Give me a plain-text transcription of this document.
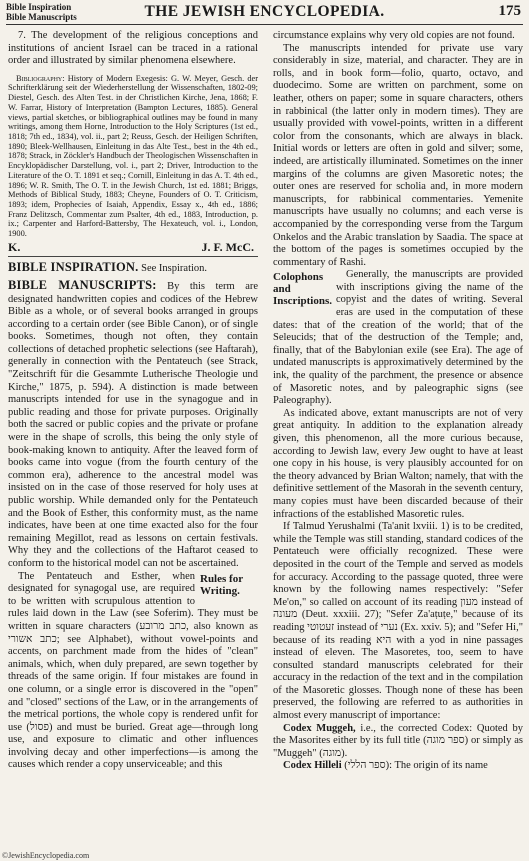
Bible Inspiration
Bible Manuscripts	THE JEWISH ENCYCLOPEDIA.	175

7. The development of the religious conceptions and institutions of ancient Israel can be traced in a rational order and illustrated by similar phenomena elsewhere.

Bibliography: History of Modern Exegesis: G. W. Meyer, Gesch. der Schrifterklärung seit der Wiederherstellung der Wissenschaften, 1802-09; Diestel, Gesch. des Alten Test. in der Christlichen Kirche, Jena, 1868; F. W. Farrar, History of Interpretation (Bampton Lectures, 1885). General views, partial sketches, or bibliographical outlines may be found in many writings, among them Horne, Introduction to the Holy Scriptures (1st ed., 1818; 7th ed., 1834), vol. ii., part 2; Reuss, Gesch. der Heiligen Schriften, 1890; Bleek-Wellhausen, Einleitung in das Alte Test., best in the 4th ed., 1878; Strack, in Zöckler's Handbuch der Theologischen Wissenschaften in Encyklopädischer Darstellung, vol. i., part 2; Driver, Introduction to the Literature of the O. T. 1891 et seq.; Cornill, Einleitung in das A. T. 4th ed., 1896; W. R. Smith, The O. T. in the Jewish Church, 1st ed. 1881; Briggs, Methods of Biblical Study, 1883; Cheyne, Founders of O. T. Criticism, 1893; idem, Prophecies of Isaiah, Appendix, Essay x., 4th ed., 1886; Franz Delitzsch, Commentar zum Psalter, 4th ed., 1883, Introduction, p. ix.; Carpenter and Harford-Battersby, The Hexateuch, vol. i., London, 1900.

K.	J. F. McC.

BIBLE INSPIRATION. See Inspiration.

BIBLE MANUSCRIPTS: By this term are designated handwritten copies and codices of the Hebrew Bible as a whole, or of several books arranged in groups according to a certain order (see Bible Canon), or of single books. Sometimes, though not often, they contain collections of detached prophetic selections (see Haftarah), generally in connection with the Pentateuch (see Strack, "Zeitschrift für die Gesammte Lutherische Theologie und Kirche," 1875, p. 594). A distinction is made between manuscripts intended for use in the synagogue and in public reading and those for private purposes. Originally both the sacred or public copies and the private or profane were in the shape of scrolls, this being the only style of book-making known to antiquity. After the leaved form of books came into vogue (from the fourth century of the common era), adherence to the ancestral model was insisted on in the case of those reserved for holy uses at public worship. While demanded only for the Pentateuch and the Book of Esther, this conformity must, as the name indicates, have been at one time exacted also for the four remaining Megillot, read as lessons on certain festivals. Why they and the collections of the Haftarot ceased to conform to the historical model can not be ascertained.

Rules for Writing.
The Pentateuch and Esther, when designated for synagogal use, are required to be written with scrupulous attention to rules laid down in the Law (see Soferim). They must be written in square characters (כתב מרובע, also known as כתב אשורי; see Alphabet), without vowel-points and accents, on parchment made from the hides of "clean" animals, which, when duly prepared, are sewn together by threads of the same origin. If four mistakes are found in one column, or a single error is discovered in the "open" and "closed" sections of the Law, or in the arrangements of the metrical portions, the whole copy is rendered unfit for use (פסול) and must be buried. Great age—through long use, and exposure to climatic and other influences involving decay and other imperfections—is among the causes which render a copy unserviceable; and this

circumstance explains why very old copies are not found.

The manuscripts intended for private use vary considerably in size, material, and character. They are in rolls, and in book form—folio, quarto, octavo, and duodecimo. Some are written on parchment, some on leather, others on paper; some in square characters, others in rabbinical (the latter only in modern times). They are usually provided with vowel-points, written in a different color from the consonants, which are always in black. Initial words or letters are often in gold and silver; some, indeed, are artistically illuminated. Sometimes on the inner margins of the columns are given Masoretic notes; the outer ones are reserved for scholia and, in more modern manuscripts, for rabbinical commentaries. Yemenite manuscripts have usually no columns; and each verse is accompanied by the corresponding verse from the Targum Onkelos and the Arabic translation by Saadia. The space at the bottom of the pages is sometimes occupied by the commentary of Rashi.

Colophons and Inscriptions.
Generally, the manuscripts are provided with inscriptions giving the name of the copyist and the dates of writing. Several eras are used in the computation of these dates: that of the creation of the world; that of the Seleucids; that of the destruction of the Temple; and, finally, that of the Babylonian exile (see Era). The age of undated manuscripts is approximatively determined by the ink, the quality of the parchment, the presence or absence of Masoretic notes, and by paleographic signs (see Paleography).

As indicated above, extant manuscripts are not of very great antiquity. In addition to the explanation already given, this phenomenon, all the more curious because, according to Jewish law, every Jew ought to have at least one copy in his house, is very plausibly accounted for on the theory advanced by Brian Walton; namely, that with the definitive settlement of the Masorah in the seventh century, many copies must have been discarded because of their infractions of the established Masoretic rules.

If Talmud Yerushalmi (Ta'anit lxviii. 1) is to be credited, while the Temple was still standing, standard codices of the Pentateuch were officially recognized. These were deposited in the court of the Temple and served as models for accuracy. According to the passage quoted, three were known by the following names respectively: "Sefer Me'on," so called on account of its reading מעון instead of מעונה (Deut. xxxiii. 27); "Sefer Za'aṭuṭe," because of its reading זעטוטי instead of נערי (Ex. xxiv. 5); and "Sefer Hi," because of its reading היא with a yod in nine passages instead of eleven. The Masoretes, too, seem to have consulted standard manuscripts celebrated for their accuracy in the redaction of the text and in the compilation of the Masoretic glosses. Though none of these has been preserved, the following are referred to as authorities in almost every manuscript of importance:

Codex Muggeh, i.e., the corrected Codex: Quoted by the Masorites either by its full title (ספר מוגה) or simply as "Muggeh" (מוגה).

Codex Hilleli (ספר הללי): The origin of its name

©JewishEncyclopedia.com
